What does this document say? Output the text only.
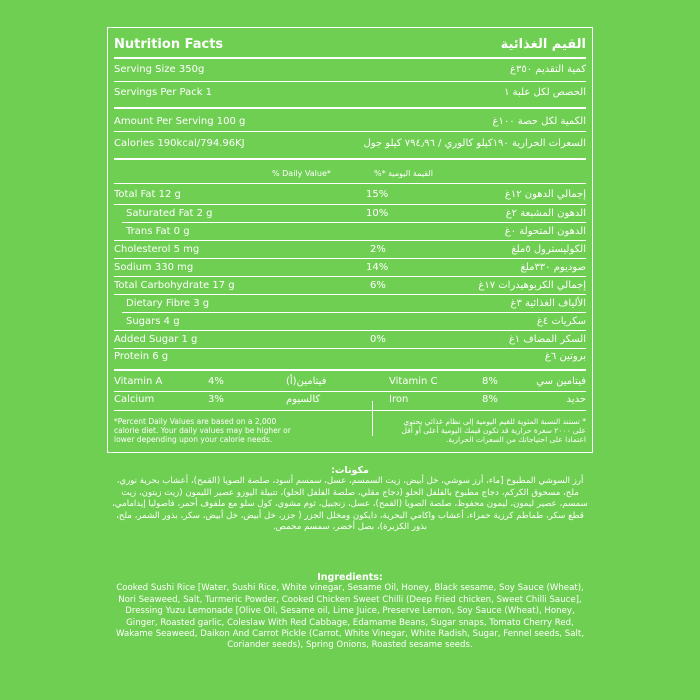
Nutrition Facts	القيم الغذائية
Serving Size 350g	كمية التقديم ٣٥٠غ
Servings Per Pack 1	الحصص لكل علبة ١
Amount Per Serving 100 g	الكمية لكل حصة ١٠٠غ
Calories 190kcal/794.96KJ	السعرات الحرارية ١٩٠كيلو كالوري / ٧٩٤٫٩٦ كيلو جول
% Daily Value*	القيمة اليومية *%
Total Fat 12 g	15%	إجمالي الدهون ١٢غ
Saturated Fat 2 g	10%	الدهون المشبعة ٢غ
Trans Fat 0 g	الدهون المتحولة ٠غ
Cholesterol 5 mg	2%	الكوليسترول ٥ملغ
Sodium 330 mg	14%	صوديوم ٣٣٠ملغ
Total Carbohydrate 17 g	6%	إجمالي الكربوهيدرات ١٧غ
Dietary Fibre 3 g	الألياف الغذائية ٣غ
Sugars 4 g	سكريات ٤غ
Added Sugar 1 g	0%	السكر المضاف ١غ
Protein 6 g	بروتين ٦غ
Vitamin A	4%	فيتامين(أ)	Vitamin C	8%	فيتامين سي
Calcium	3%	كالسيوم	Iron	8%	حديد
*Percent Daily Values are based on a 2,000 calorie diet. Your daily values may be higher or lower depending upon your calorie needs.
* تستند النسبة المئوية للقيم اليومية إلى نظام غذائي يحتوي على ٢٠٠٠ سعرة حرارية قد تكون قيمك اليومية أعلى أو أقل اعتمادا على احتياجاتك من السعرات الحرارية.
مكونات:
أرز السوشي المطبوخ [ماء، أرز سوشي، خل أبيض، زيت السمسم، عسل، سمسم أسود، صلصة الصويا (القمح)، أعشاب بحرية نوري، ملح، مسحوق الكركم، دجاج مطبوخ بالفلفل الحلو (دجاج مقلي، صلصة الفلفل الحلو)، تتبيلة اليوزو عصير الليمون (زيت زيتون، زيت سمسم، عصير ليمون، ليمون محفوظ، صلصة الصويا (القمح)، عسل، زنجبيل، ثوم مشوي، كول سلو مع ملفوف أحمر، فاصوليا إيدامامي، قطع سكر، طماطم كرزية حمراء، أعشاب واكامي البحرية، دايكون ومخلل الجزر ( جزر، خل أبيض، خل أبيض، سكر، بذور الشمر، ملح، بذور الكزبرة)، بصل أخضر، سمسم محمص.
Ingredients:
Cooked Sushi Rice [Water, Sushi Rice, White vinegar, Sesame Oil, Honey, Black sesame, Soy Sauce (Wheat), Nori Seaweed, Salt, Turmeric Powder, Cooked Chicken Sweet Chilli (Deep Fried chicken, Sweet Chilli Sauce], Dressing Yuzu Lemonade [Olive Oil, Sesame oil, Lime Juice, Preserve Lemon, Soy Sauce (Wheat), Honey, Ginger, Roasted garlic, Coleslaw With Red Cabbage, Edamame Beans, Sugar snaps, Tomato Cherry Red, Wakame Seaweed, Daikon And Carrot Pickle (Carrot, White Vinegar, White Radish, Sugar, Fennel seeds, Salt, Coriander seeds), Spring Onions, Roasted sesame seeds.
